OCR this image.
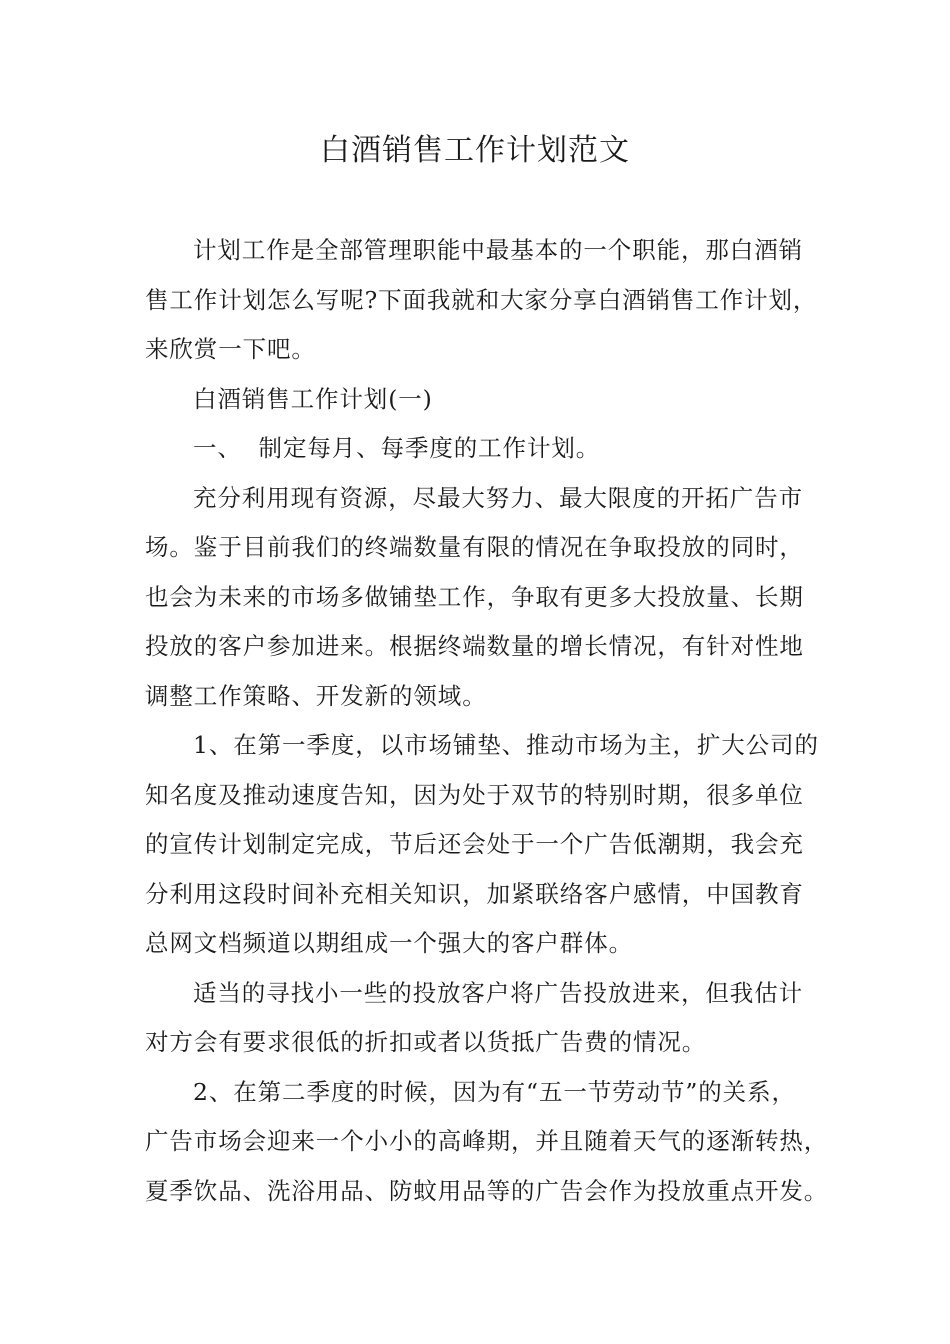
白酒销售工作计划范文
计划工作是全部管理职能中最基本的一个职能，那白酒销
售工作计划怎么写呢?下面我就和大家分享白酒销售工作计划，
来欣赏一下吧。
白酒销售工作计划(一)
一、  制定每月、每季度的工作计划。
充分利用现有资源，尽最大努力、最大限度的开拓广告市
场。鉴于目前我们的终端数量有限的情况在争取投放的同时，
也会为未来的市场多做铺垫工作，争取有更多大投放量、长期
投放的客户参加进来。根据终端数量的增长情况，有针对性地
调整工作策略、开发新的领域。
1、在第一季度，以市场铺垫、推动市场为主，扩大公司的
知名度及推动速度告知，因为处于双节的特别时期，很多单位
的宣传计划制定完成，节后还会处于一个广告低潮期，我会充
分利用这段时间补充相关知识，加紧联络客户感情，中国教育
总网文档频道以期组成一个强大的客户群体。
适当的寻找小一些的投放客户将广告投放进来，但我估计
对方会有要求很低的折扣或者以货抵广告费的情况。
2、在第二季度的时候，因为有“五一节劳动节”的关系，
广告市场会迎来一个小小的高峰期，并且随着天气的逐渐转热，
夏季饮品、洗浴用品、防蚊用品等的广告会作为投放重点开发。
